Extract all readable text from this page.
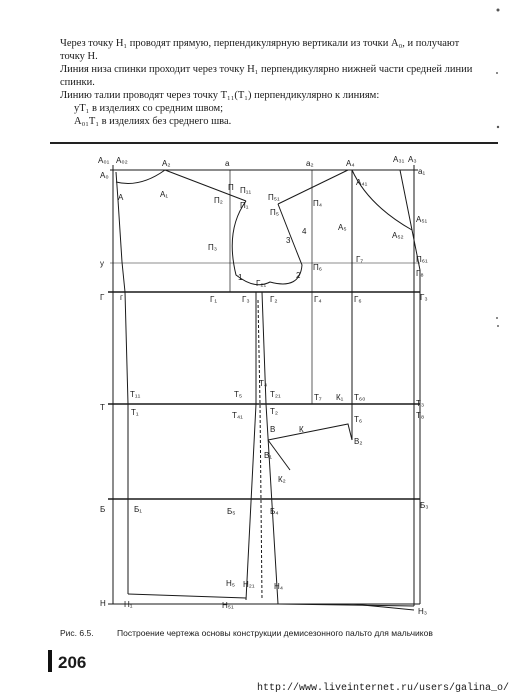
Через точку Н₁ проводят прямую, перпендикулярную вертикали из точки А₀, и получают точку Н.

Линия низа спинки проходит через точку Н₁ перпендикулярно нижней части средней линии спинки.

Линию талии проводят через точку Т₁₁(Т₁) перпендикулярно к линиям:

уТ₁ в изделиях со средним швом;

А₀₁Т₁ в изделиях без среднего шва.

А₀₁ А₀₂	А₂	а	а₂	А₄	А₃₁ А₃
а₁
А₀
А	А₁
П П₁₁
П₂
П₁
П₅₁
П₅
П₄
А₄₁
А₅
А₅₁
А₅₂
П₃
3
4
у	П₆
Г₇	П₆₁
Г₈
1
Г₂₁
2
Г г	Г₁	Г₃	Г₂	Г₄	Г₆	Г₃
Т₄
Т₁₁	Т₅	Т₂₁	Т₇ К₁ Т₆₀
Т₃
Т
Т₁	Т₄₁	Т₂
Т₆	Т₈
В	К
В₂
В₁
К₂
Б	Б₁	Б₅	Б₄
Б₃
Н₅ Н₂₁ Н₄
Н Н₁	Н₅₁
Н₃
Рис. 6.5.	Построение чертежа основы конструкции демисезонного пальто для мальчиков
206
http://www.liveinternet.ru/users/galina_o/
